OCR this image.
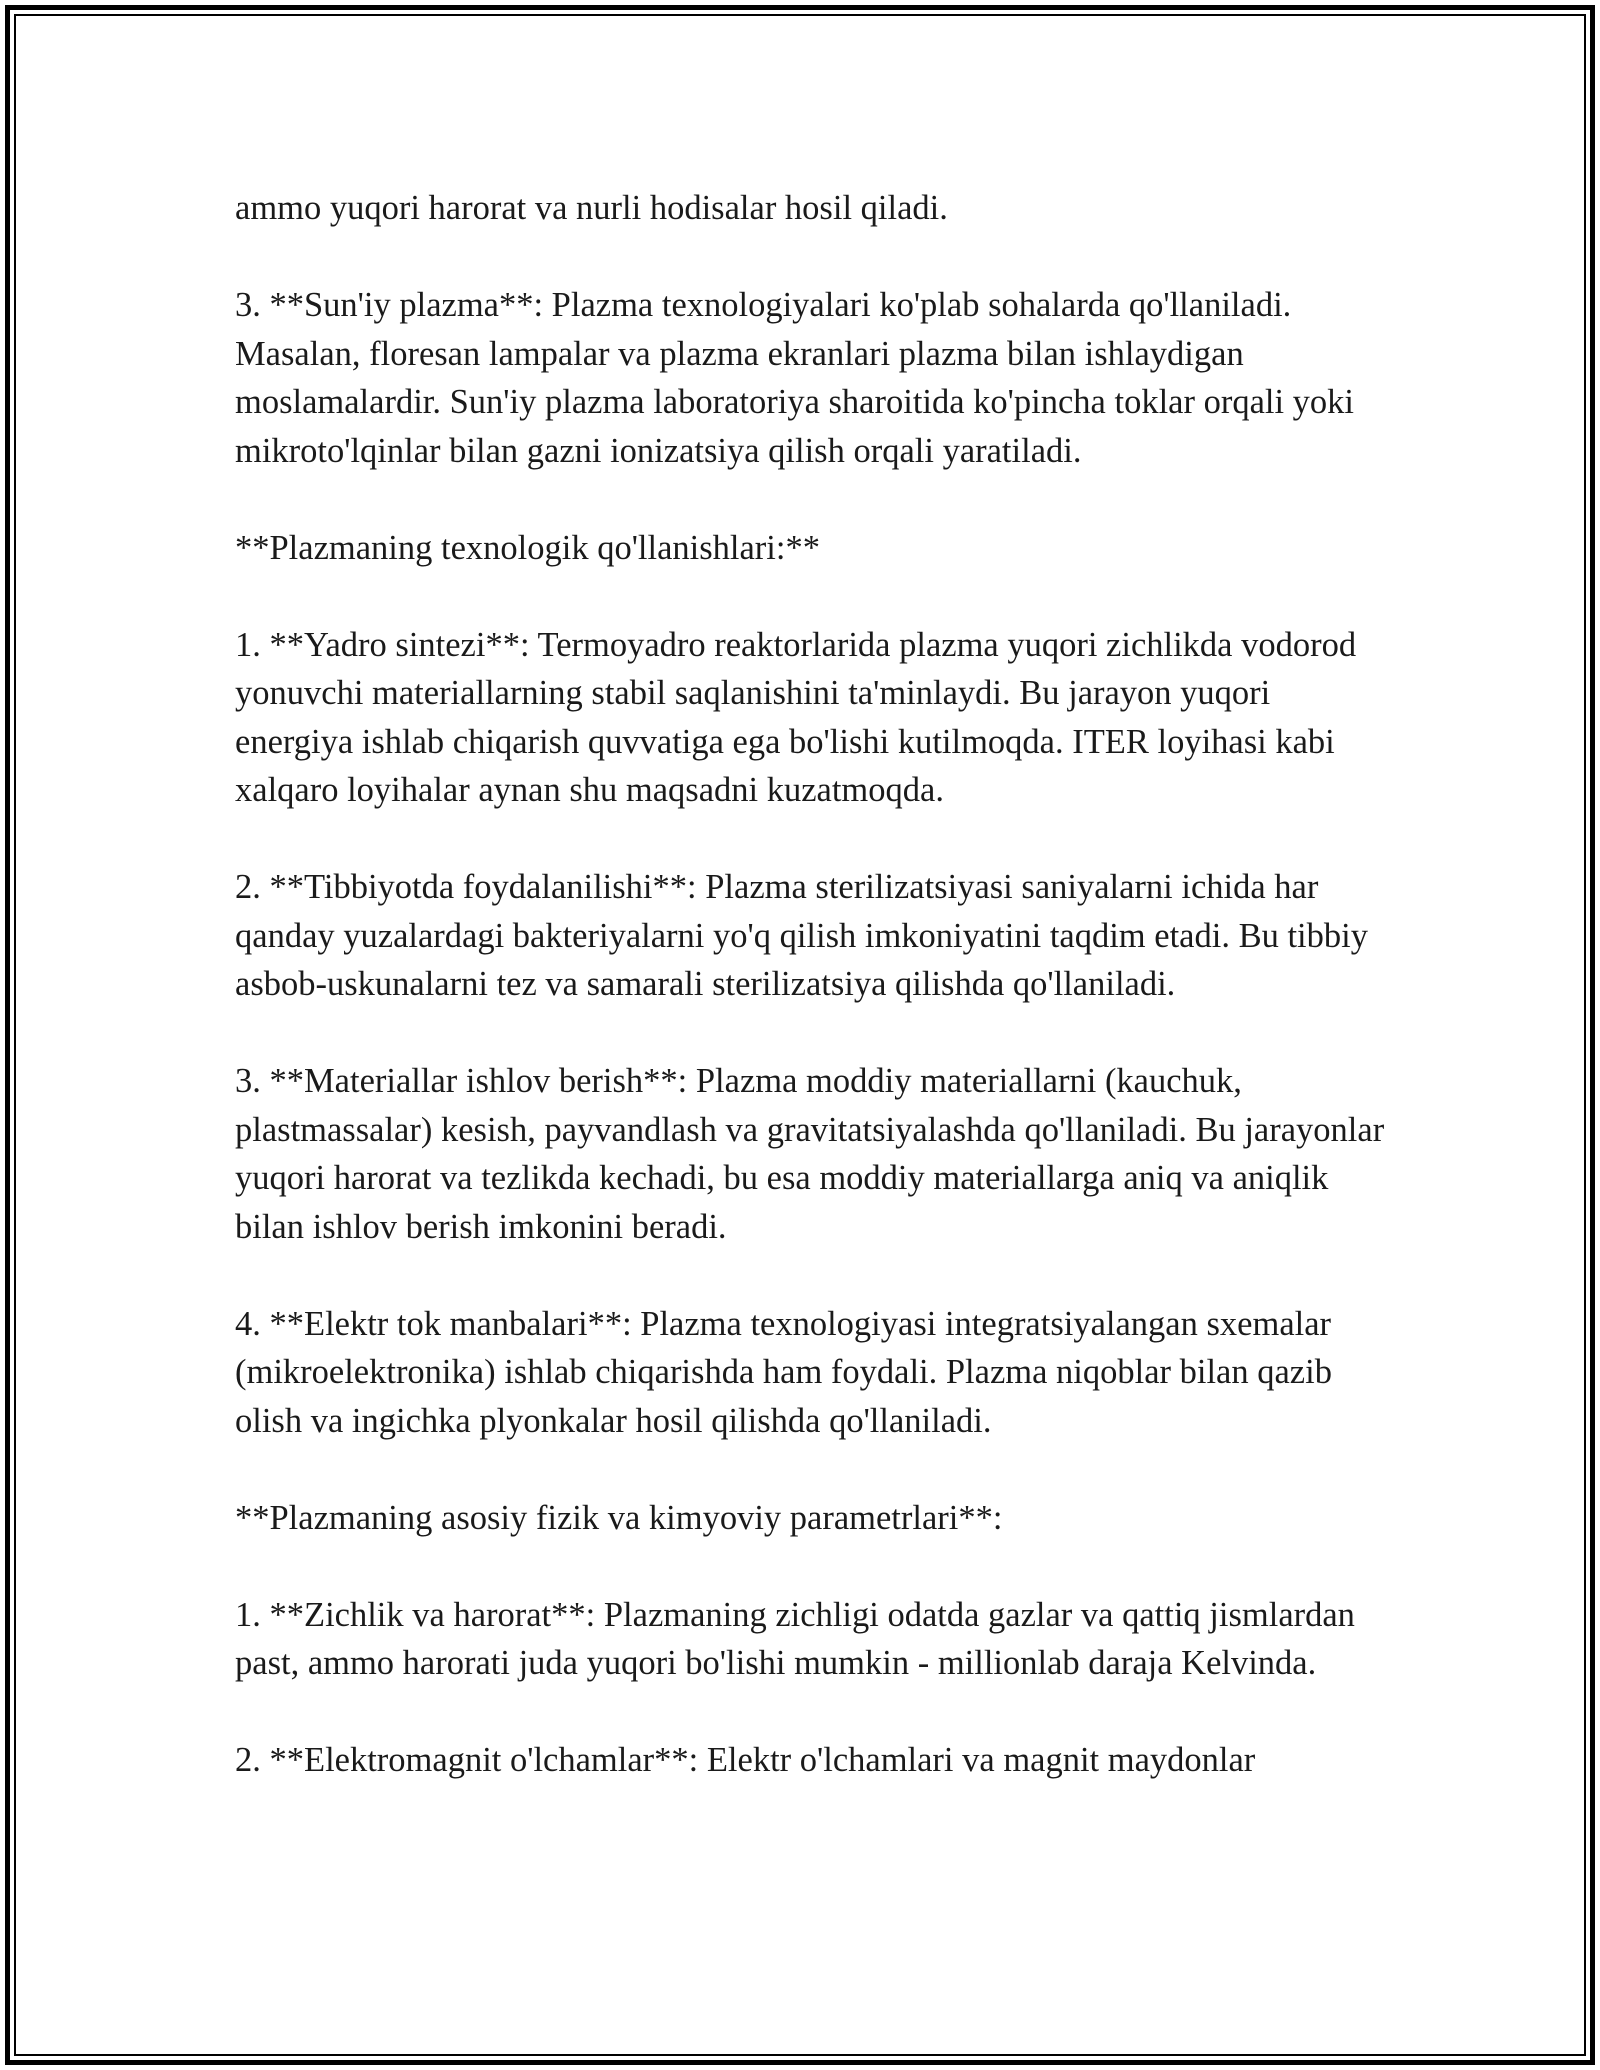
ammo yuqori harorat va nurli hodisalar hosil qiladi.

3. **Sun'iy plazma**: Plazma texnologiyalari ko'plab sohalarda qo'llaniladi. Masalan, floresan lampalar va plazma ekranlari plazma bilan ishlaydigan moslamalardir. Sun'iy plazma laboratoriya sharoitida ko'pincha toklar orqali yoki mikroto'lqinlar bilan gazni ionizatsiya qilish orqali yaratiladi.

**Plazmaning texnologik qo'llanishlari:**

1. **Yadro sintezi**: Termoyadro reaktorlarida plazma yuqori zichlikda vodorod yonuvchi materiallarning stabil saqlanishini ta'minlaydi. Bu jarayon yuqori energiya ishlab chiqarish quvvatiga ega bo'lishi kutilmoqda. ITER loyihasi kabi xalqaro loyihalar aynan shu maqsadni kuzatmoqda.

2. **Tibbiyotda foydalanilishi**: Plazma sterilizatsiyasi saniyalarni ichida har qanday yuzalardagi bakteriyalarni yo'q qilish imkoniyatini taqdim etadi. Bu tibbiy asbob-uskunalarni tez va samarali sterilizatsiya qilishda qo'llaniladi.

3. **Materiallar ishlov berish**: Plazma moddiy materiallarni (kauchuk, plastmassalar) kesish, payvandlash va gravitatsiyalashda qo'llaniladi. Bu jarayonlar yuqori harorat va tezlikda kechadi, bu esa moddiy materiallarga aniq va aniqlik bilan ishlov berish imkonini beradi.

4. **Elektr tok manbalari**: Plazma texnologiyasi integratsiyalangan sxemalar (mikroelektronika) ishlab chiqarishda ham foydali. Plazma niqoblar bilan qazib olish va ingichka plyonkalar hosil qilishda qo'llaniladi.

**Plazmaning asosiy fizik va kimyoviy parametrlari**:

1. **Zichlik va harorat**: Plazmaning zichligi odatda gazlar va qattiq jismlardan past, ammo harorati juda yuqori bo'lishi mumkin - millionlab daraja Kelvinda.

2. **Elektromagnit o'lchamlar**: Elektr o'lchamlari va magnit maydonlar
